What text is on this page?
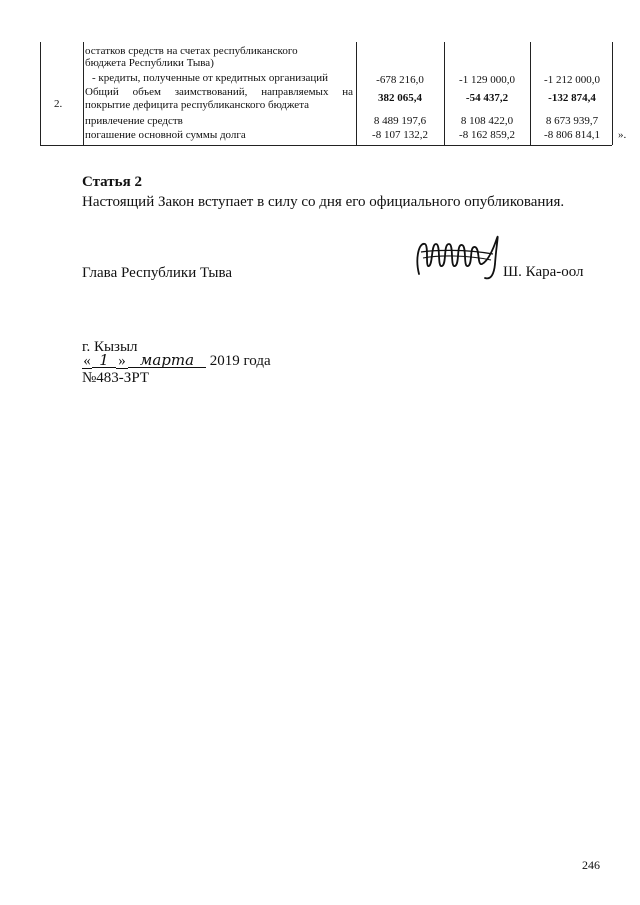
2.
остатков средств на счетах республиканского
бюджета Республики Тыва)
- кредиты, полученные от кредитных организаций	-678 216,0	-1 129 000,0	-1 212 000,0
Общий объем заимствований, направляемых на	382 065,4	-54 437,2	-132 874,4
покрытие дефицита республиканского бюджета
привлечение средств	8 489 197,6	8 108 422,0	8 673 939,7
погашение основной суммы долга	-8 107 132,2	-8 162 859,2	-8 806 814,1	».
Статья 2
Настоящий Закон вступает в силу со дня его официального опубликования.
Глава Республики Тыва	Ш. Кара-оол
г. Кызыл
« 1 » марта 2019 года
№483-ЗРТ
246
